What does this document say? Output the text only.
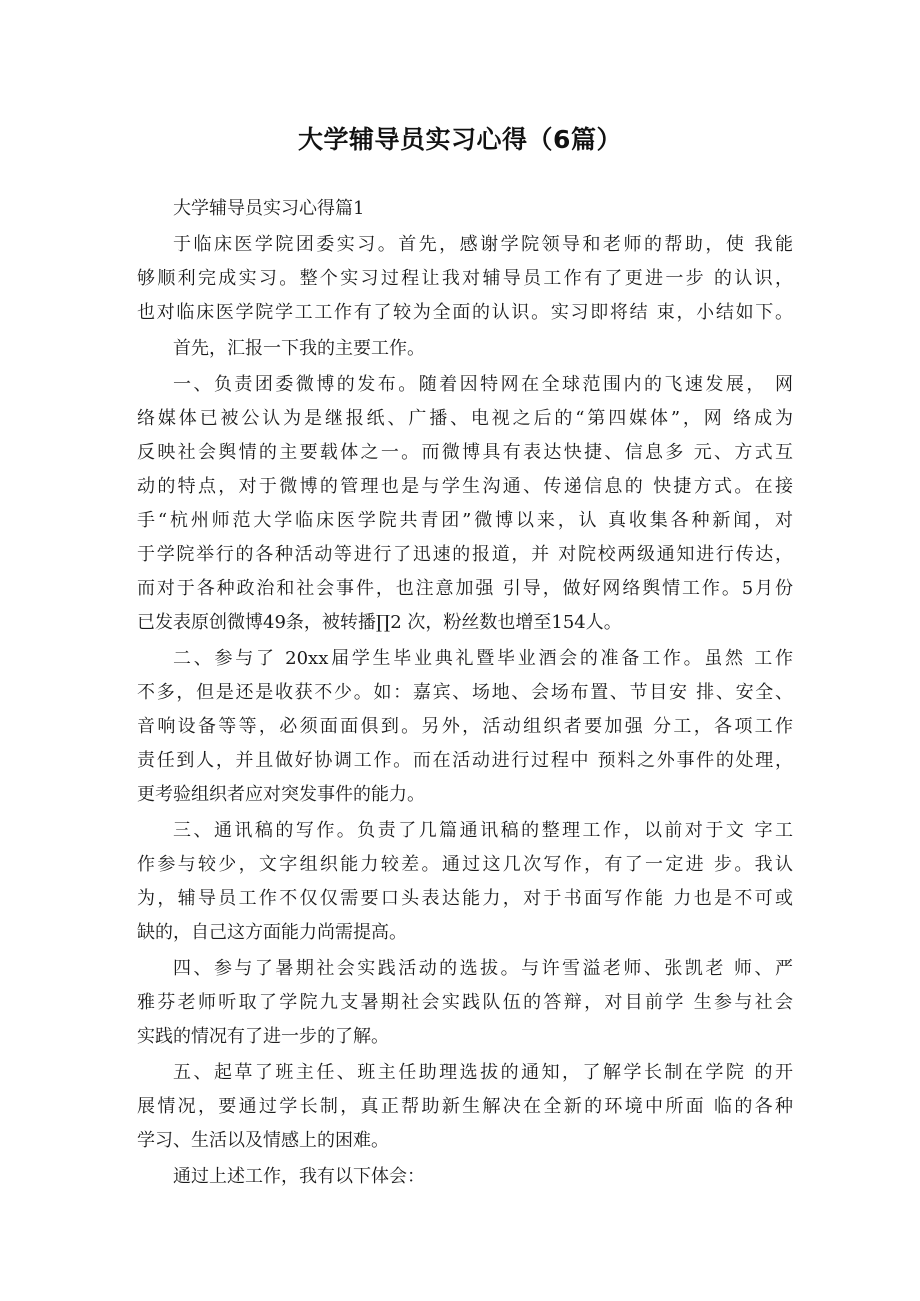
大学辅导员实习心得（6篇）
大学辅导员实习心得篇1
于临床医学院团委实习。首先，感谢学院领导和老师的帮助，使 我能
够顺利完成实习。整个实习过程让我对辅导员工作有了更进一步 的认识，
也对临床医学院学工工作有了较为全面的认识。实习即将结 束，小结如下。
首先，汇报一下我的主要工作。
一、负责团委微博的发布。随着因特网在全球范围内的飞速发展， 网
络媒体已被公认为是继报纸、广播、电视之后的“第四媒体”，网 络成为
反映社会舆情的主要载体之一。而微博具有表达快捷、信息多 元、方式互
动的特点，对于微博的管理也是与学生沟通、传递信息的 快捷方式。在接
手“杭州师范大学临床医学院共青团”微博以来，认 真收集各种新闻，对
于学院举行的各种活动等进行了迅速的报道，并 对院校两级通知进行传达，
而对于各种政治和社会事件，也注意加强 引导，做好网络舆情工作。5月份
已发表原创微博49条，被转播∏2 次，粉丝数也增至154人。
二、参与了 20xx届学生毕业典礼暨毕业酒会的准备工作。虽然 工作
不多，但是还是收获不少。如：嘉宾、场地、会场布置、节目安 排、安全、
音响设备等等，必须面面俱到。另外，活动组织者要加强 分工，各项工作
责任到人，并且做好协调工作。而在活动进行过程中 预料之外事件的处理，
更考验组织者应对突发事件的能力。
三、通讯稿的写作。负责了几篇通讯稿的整理工作，以前对于文 字工
作参与较少，文字组织能力较差。通过这几次写作，有了一定进 步。我认
为，辅导员工作不仅仅需要口头表达能力，对于书面写作能 力也是不可或
缺的，自己这方面能力尚需提高。
四、参与了暑期社会实践活动的选拔。与许雪溢老师、张凯老 师、严
雅芬老师听取了学院九支暑期社会实践队伍的答辩，对目前学 生参与社会
实践的情况有了进一步的了解。
五、起草了班主任、班主任助理选拔的通知，了解学长制在学院 的开
展情况，要通过学长制，真正帮助新生解决在全新的环境中所面 临的各种
学习、生活以及情感上的困难。
通过上述工作，我有以下体会：
